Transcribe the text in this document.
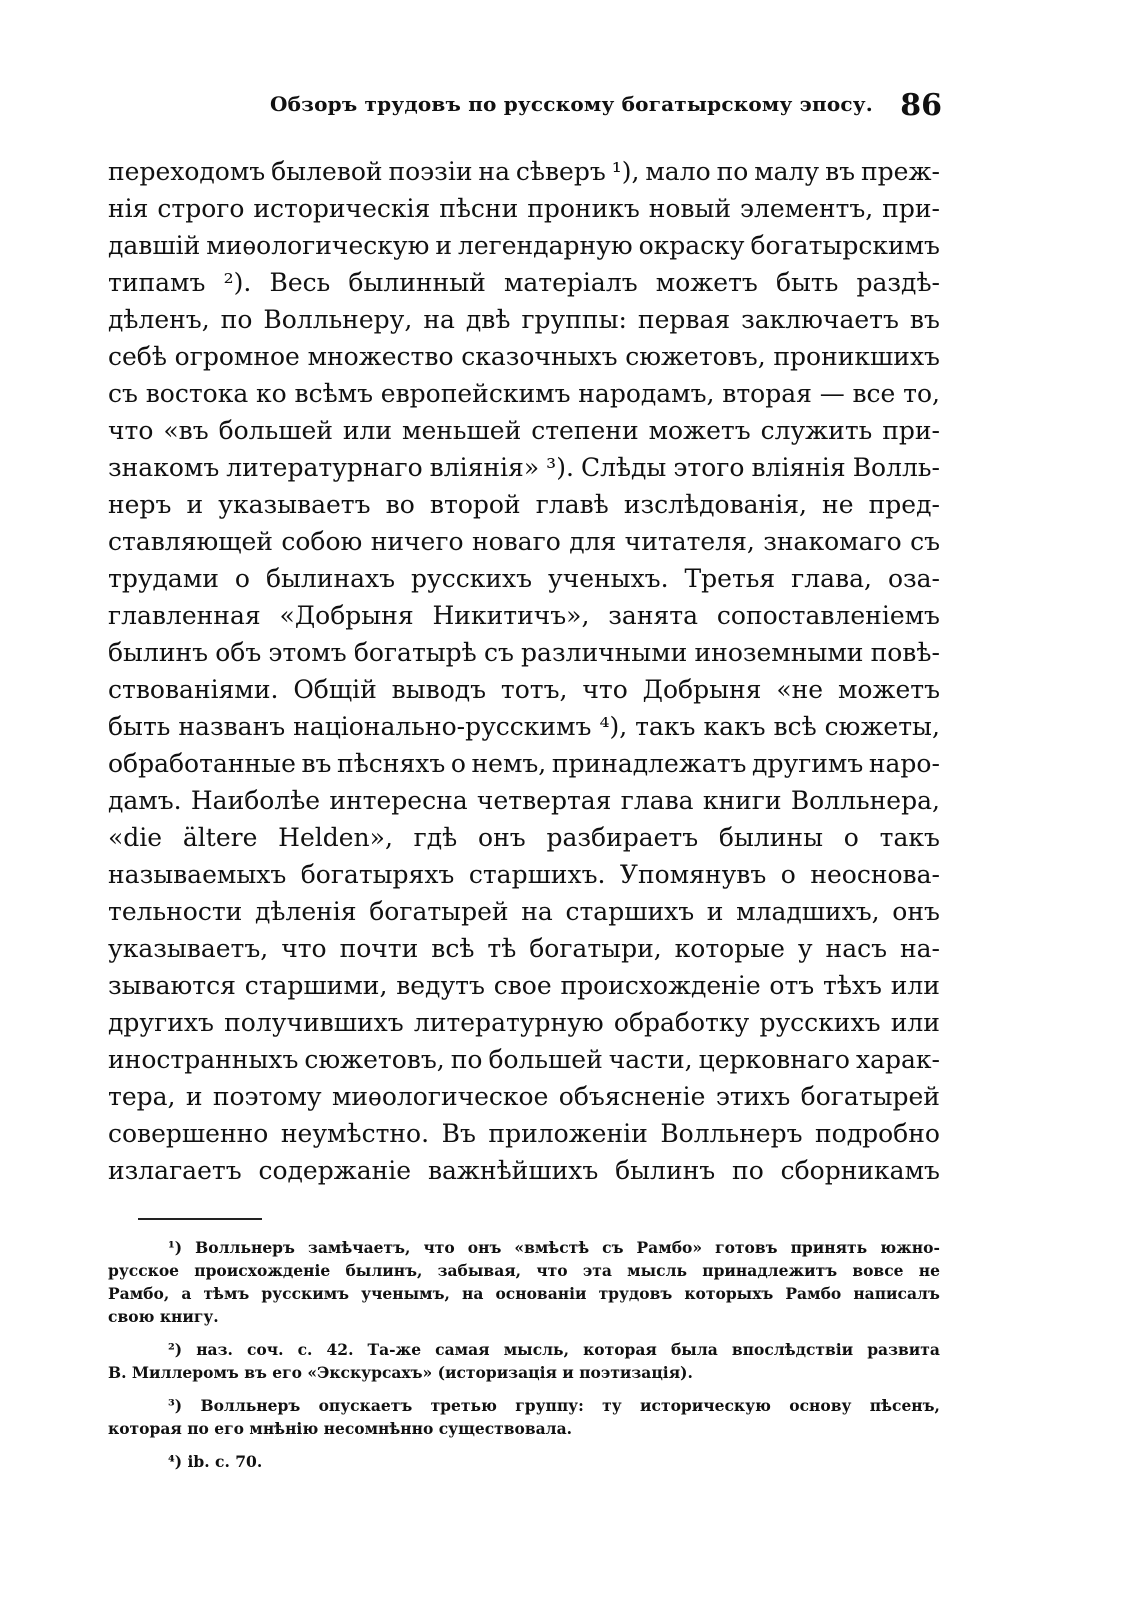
Обзоръ трудовъ по русскому богатырскому эпосу. 86
переходомъ былевой поэзіи на сѣверъ ¹), мало по малу въ преж-
нія строго историческія пѣсни проникъ новый элементъ, при-
давшій миѳологическую и легендарную окраску богатырскимъ
типамъ ²). Весь былинный матеріалъ можетъ быть раздѣ-
дѣленъ, по Волльнеру, на двѣ группы: первая заключаетъ въ
себѣ огромное множество сказочныхъ сюжетовъ, проникшихъ
съ востока ко всѣмъ европейскимъ народамъ, вторая — все то,
что «въ большей или меньшей степени можетъ служить при-
знакомъ литературнаго вліянія» ³). Слѣды этого вліянія Волль-
неръ и указываетъ во второй главѣ изслѣдованія, не пред-
ставляющей собою ничего новаго для читателя, знакомаго съ
трудами о былинахъ русскихъ ученыхъ. Третья глава, оза-
главленная «Добрыня Никитичъ», занята сопоставленіемъ
былинъ объ этомъ богатырѣ съ различными иноземными повѣ-
ствованіями. Общій выводъ тотъ, что Добрыня «не можетъ
быть названъ національно-русскимъ ⁴), такъ какъ всѣ сюжеты,
обработанные въ пѣсняхъ о немъ, принадлежатъ другимъ наро-
дамъ. Наиболѣе интересна четвертая глава книги Волльнера,
«die ältere Helden», гдѣ онъ разбираетъ былины о такъ
называемыхъ богатыряхъ старшихъ. Упомянувъ о неоснова-
тельности дѣленія богатырей на старшихъ и младшихъ, онъ
указываетъ, что почти всѣ тѣ богатыри, которые у насъ на-
зываются старшими, ведутъ свое происхожденіе отъ тѣхъ или
другихъ получившихъ литературную обработку русскихъ или
иностранныхъ сюжетовъ, по большей части, церковнаго харак-
тера, и поэтому миѳологическое объясненіе этихъ богатырей
совершенно неумѣстно. Въ приложеніи Волльнеръ подробно
излагаетъ содержаніе важнѣйшихъ былинъ по сборникамъ
¹) Волльнеръ замѣчаетъ, что онъ «вмѣстѣ съ Рамбо» готовъ принять южно-
русское происхожденіе былинъ, забывая, что эта мысль принадлежитъ вовсе не
Рамбо, а тѣмъ русскимъ ученымъ, на основаніи трудовъ которыхъ Рамбо написалъ
свою книгу.
²) наз. соч. с. 42. Та-же самая мысль, которая была впослѣдствіи развита
В. Миллеромъ въ его «Экскурсахъ» (историзація и поэтизація).
³) Волльнеръ опускаетъ третью группу: ту историческую основу пѣсенъ,
которая по его мнѣнію несомнѣнно существовала.
⁴) ib. с. 70.
